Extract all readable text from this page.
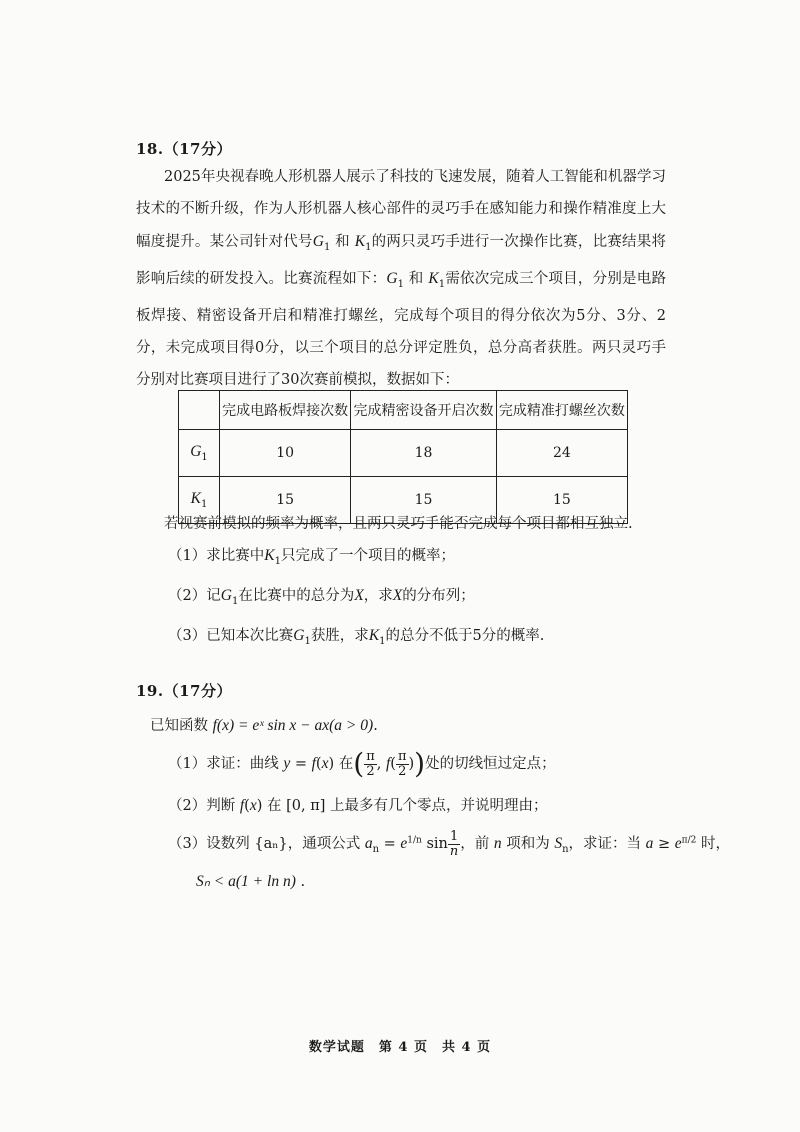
18.（17分）
2025年央视春晚人形机器人展示了科技的飞速发展，随着人工智能和机器学习技术的不断升级，作为人形机器人核心部件的灵巧手在感知能力和操作精准度上大幅度提升。某公司针对代号$G_1$ 和 $K_1$的两只灵巧手进行一次操作比赛，比赛结果将影响后续的研发投入。比赛流程如下：$G_1$ 和 $K_1$需依次完成三个项目，分别是电路板焊接、精密设备开启和精准打螺丝，完成每个项目的得分依次为5分、3分、2分，未完成项目得0分，以三个项目的总分评定胜负，总分高者获胜。两只灵巧手分别对比赛项目进行了30次赛前模拟，数据如下：
	完成电路板焊接次数	完成精密设备开启次数	完成精准打螺丝次数
$G_1$	10	18	24
$K_1$	15	15	15
若视赛前模拟的频率为概率，且两只灵巧手能否完成每个项目都相互独立.
（1）求比赛中$K_1$只完成了一个项目的概率；
（2）记$G_1$在比赛中的总分为X，求X的分布列；
（3）已知本次比赛$G_1$获胜，求$K_1$的总分不低于5分的概率.
19.（17分）
已知函数 f(x) = eˣ sin x − ax(a > 0).
（1）求证：曲线 y = f(x) 在( $\frac{\pi}{2}$ , $f( \frac{\pi}{2}$ ))处的切线恒过定点；
（2）判断 f(x) 在 [0, π] 上最多有几个零点，并说明理由；
（3）设数列 {aₙ}，通项公式 $a_n = e^{1/n}$ $\sin \frac{1}{n}$ ，前 n 项和为 $S_n$，求证：当 $a \ge e^{\pi/2}$ 时，
Sₙ < a(1 + ln n) .
数学试题　第 4 页　共 4 页
